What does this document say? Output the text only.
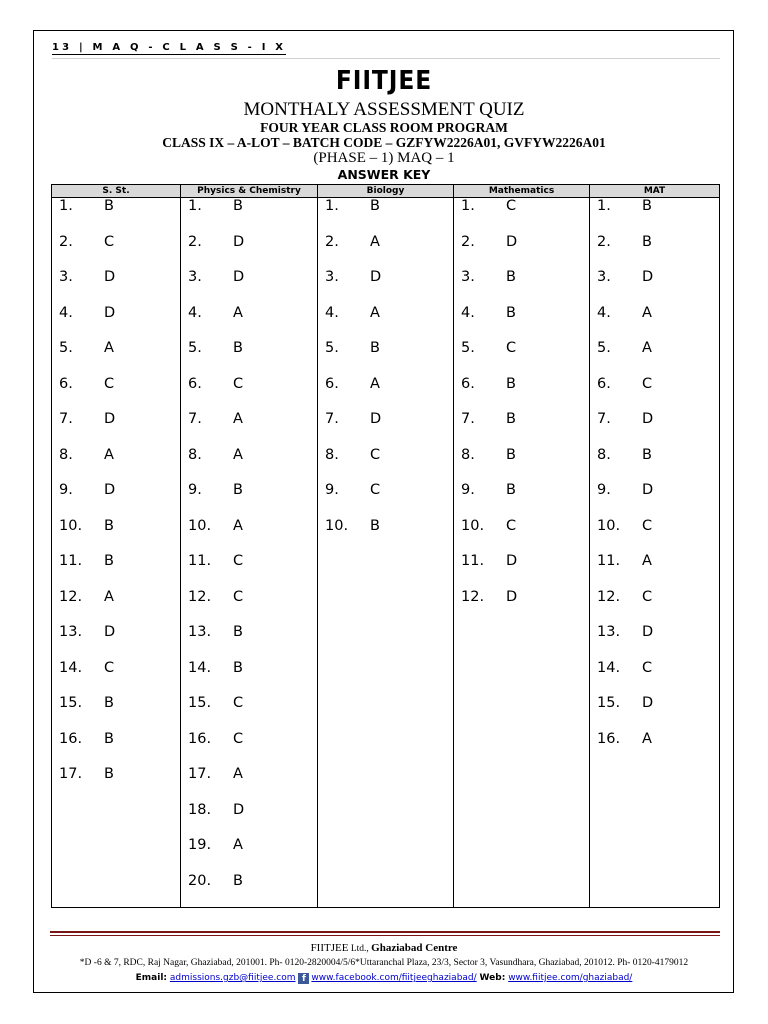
13 | M A Q - C L A S S - I X
FIITJEE
MONTHALY ASSESSMENT QUIZ
FOUR YEAR CLASS ROOM PROGRAM
CLASS IX – A-LOT – BATCH CODE – GZFYW2226A01, GVFYW2226A01
(PHASE – 1) MAQ – 1
ANSWER KEY
S. St.
1. B
2. C
3. D
4. D
5. A
6. C
7. D
8. A
9. D
10. B
11. B
12. A
13. D
14. C
15. B
16. B
17. B
Physics & Chemistry
1. B
2. D
3. D
4. A
5. B
6. C
7. A
8. A
9. B
10. A
11. C
12. C
13. B
14. B
15. C
16. C
17. A
18. D
19. A
20. B
Biology
1. B
2. A
3. D
4. A
5. B
6. A
7. D
8. C
9. C
10. B
Mathematics
1. C
2. D
3. B
4. B
5. C
6. B
7. B
8. B
9. B
10. C
11. D
12. D
MAT
1. B
2. B
3. D
4. A
5. A
6. C
7. D
8. B
9. D
10. C
11. A
12. C
13. D
14. C
15. D
16. A
FIITJEE Ltd., Ghaziabad Centre
*D -6 & 7, RDC, Raj Nagar, Ghaziabad, 201001. Ph- 0120-2820004/5/6*Uttaranchal Plaza, 23/3, Sector 3, Vasundhara, Ghaziabad, 201012. Ph- 0120-4179012
Email: admissions.gzb@fiitjee.com f www.facebook.com/fiitjeeghaziabad/ Web: www.fiitjee.com/ghaziabad/
